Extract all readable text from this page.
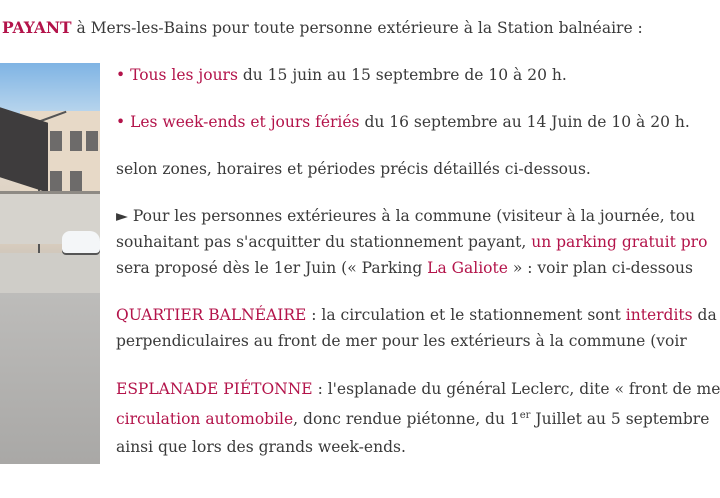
PAYANT à Mers-les-Bains pour toute personne extérieure à la Station balnéaire :
• Tous les jours du 15 juin au 15 septembre de 10 à 20 h.
• Les week-ends et jours fériés du 16 septembre au 14 Juin de 10 à 20 h.
selon zones, horaires et périodes précis détaillés ci-dessous.
► Pour les personnes extérieures à la commune (visiteur à la journée, tou
souhaitant pas s'acquitter du stationnement payant, un parking gratuit pro
sera proposé dès le 1er Juin (« Parking La Galiote » : voir plan ci-dessous
QUARTIER BALNÉAIRE : la circulation et le stationnement sont interdits da
perpendiculaires au front de mer pour les extérieurs à la commune (voir
ESPLANADE PIÉTONNE : l'esplanade du général Leclerc, dite « front de me
circulation automobile, donc rendue piétonne, du 1er Juillet au 5 septembre
ainsi que lors des grands week-ends.
